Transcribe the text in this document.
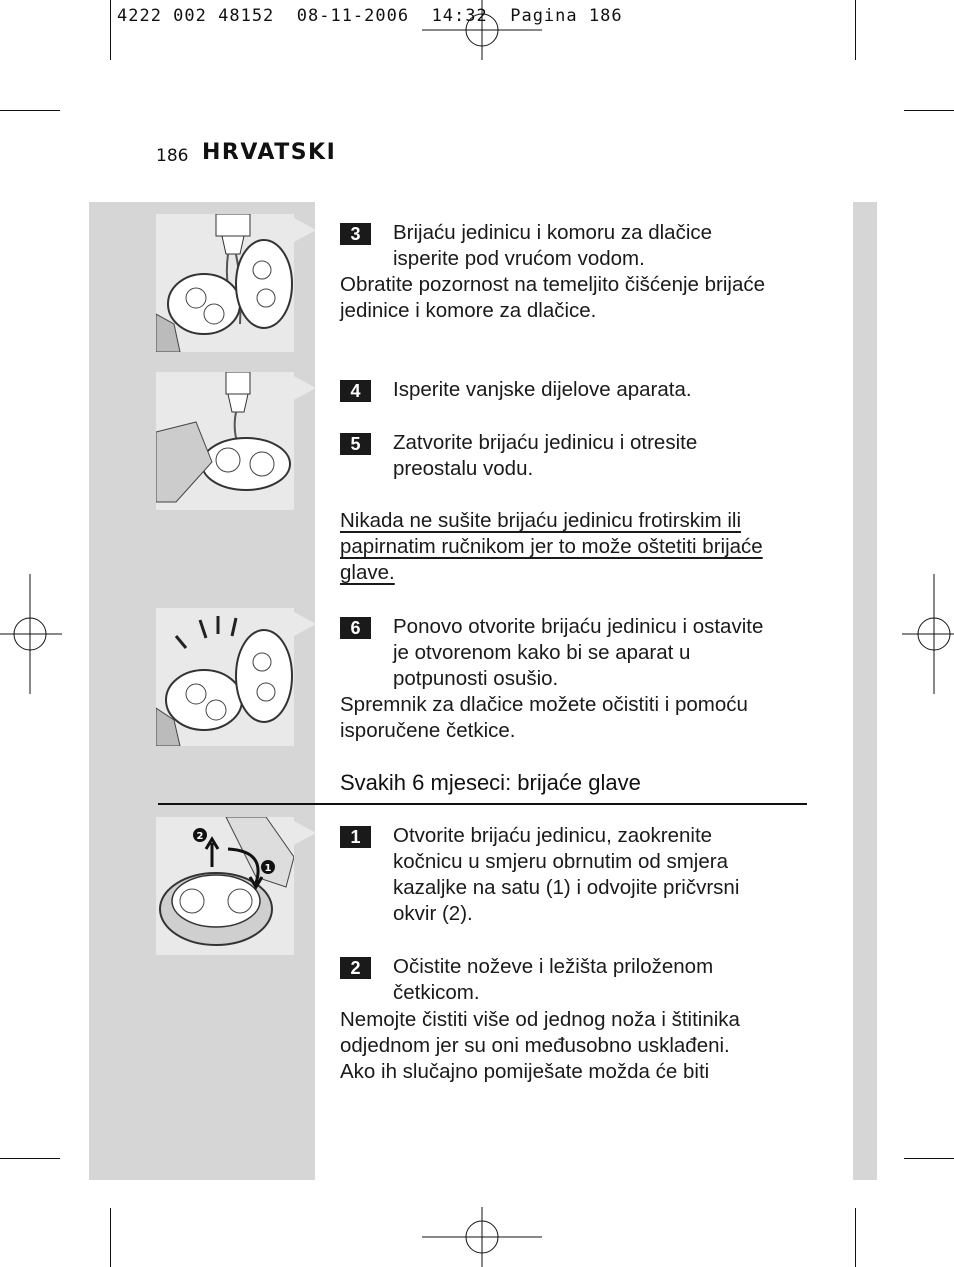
4222 002 48152  08-11-2006  14:32  Pagina 186
186 HRVATSKI
2
1
3	Brijaću jedinicu i komoru za dlačice
isperite pod vrućom vodom.
Obratite pozornost na temeljito čišćenje brijaće
jedinice i komore za dlačice.
4	Isperite vanjske dijelove aparata.
5	Zatvorite brijaću jedinicu i otresite
preostalu vodu.
Nikada ne sušite brijaću jedinicu frotirskim ili
papirnatim ručnikom jer to može oštetiti brijaće
glave.
6	Ponovo otvorite brijaću jedinicu i ostavite
je otvorenom kako bi se aparat u
potpunosti osušio.
Spremnik za dlačice možete očistiti i pomoću
isporučene četkice.
Svakih 6 mjeseci: brijaće glave
1	Otvorite brijaću jedinicu, zaokrenite
kočnicu u smjeru obrnutim od smjera
kazaljke na satu (1) i odvojite pričvrsni
okvir (2).
2	Očistite noževe i ležišta priloženom
četkicom.
Nemojte čistiti više od jednog noža i štitinika
odjednom jer su oni međusobno usklađeni.
Ako ih slučajno pomiješate možda će biti
